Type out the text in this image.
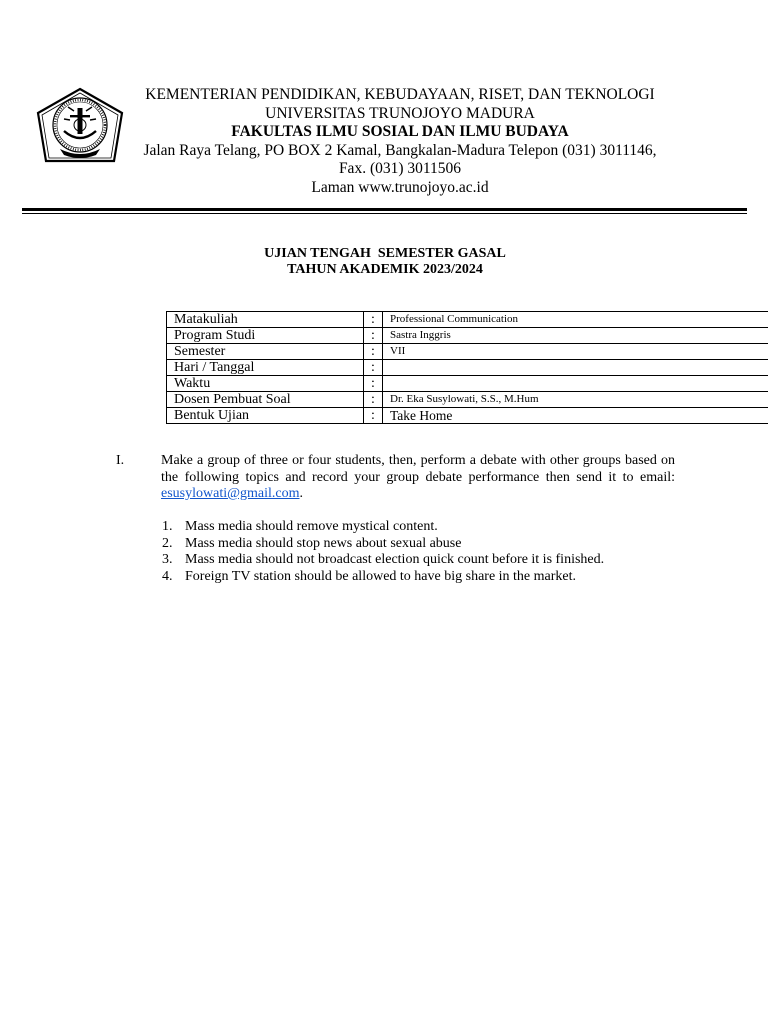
KEMENTERIAN PENDIDIKAN, KEBUDAYAAN, RISET, DAN TEKNOLOGI
UNIVERSITAS TRUNOJOYO MADURA
FAKULTAS ILMU SOSIAL DAN ILMU BUDAYA
Jalan Raya Telang, PO BOX 2 Kamal, Bangkalan-Madura Telepon (031) 3011146,
Fax. (031) 3011506
Laman www.trunojoyo.ac.id
UJIAN TENGAH  SEMESTER GASAL
TAHUN AKADEMIK 2023/2024
Matakuliah	:	Professional Communication
Program Studi	:	Sastra Inggris
Semester	:	VII
Hari / Tanggal	:	
Waktu	:	
Dosen Pembuat Soal	:	Dr. Eka Susylowati, S.S., M.Hum
Bentuk Ujian	:	Take Home
I.	Make a group of three or four students, then, perform a debate with other groups based on the following topics and record your group debate performance then send it to email: esusylowati@gmail.com.
1. Mass media should remove mystical content.
2. Mass media should stop news about sexual abuse
3. Mass media should not broadcast election quick count before it is finished.
4. Foreign TV station should be allowed to have big share in the market.
